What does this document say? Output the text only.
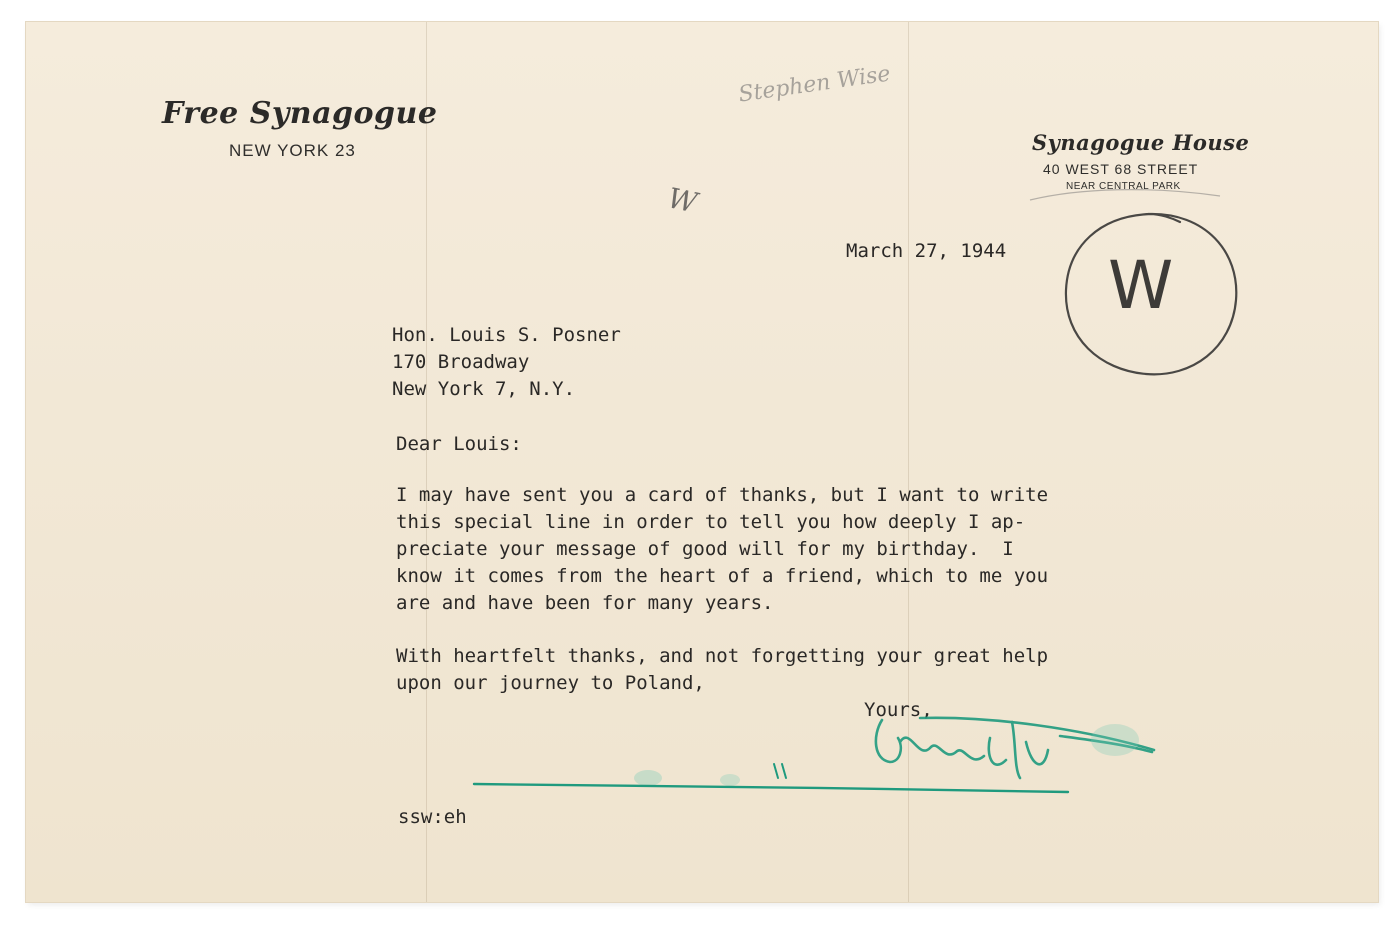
Free Synagogue
NEW YORK 23	Synagogue House
40 WEST 68 STREET
NEAR CENTRAL PARK
Stephen Wise
W
W
March 27, 1944
Hon. Louis S. Posner
170 Broadway
New York 7, N.Y.
Dear Louis:
I may have sent you a card of thanks, but I want to write
this special line in order to tell you how deeply I ap-
preciate your message of good will for my birthday.  I
know it comes from the heart of a friend, which to me you
are and have been for many years.
With heartfelt thanks, and not forgetting your great help
upon our journey to Poland,
Yours,
ssw:eh
